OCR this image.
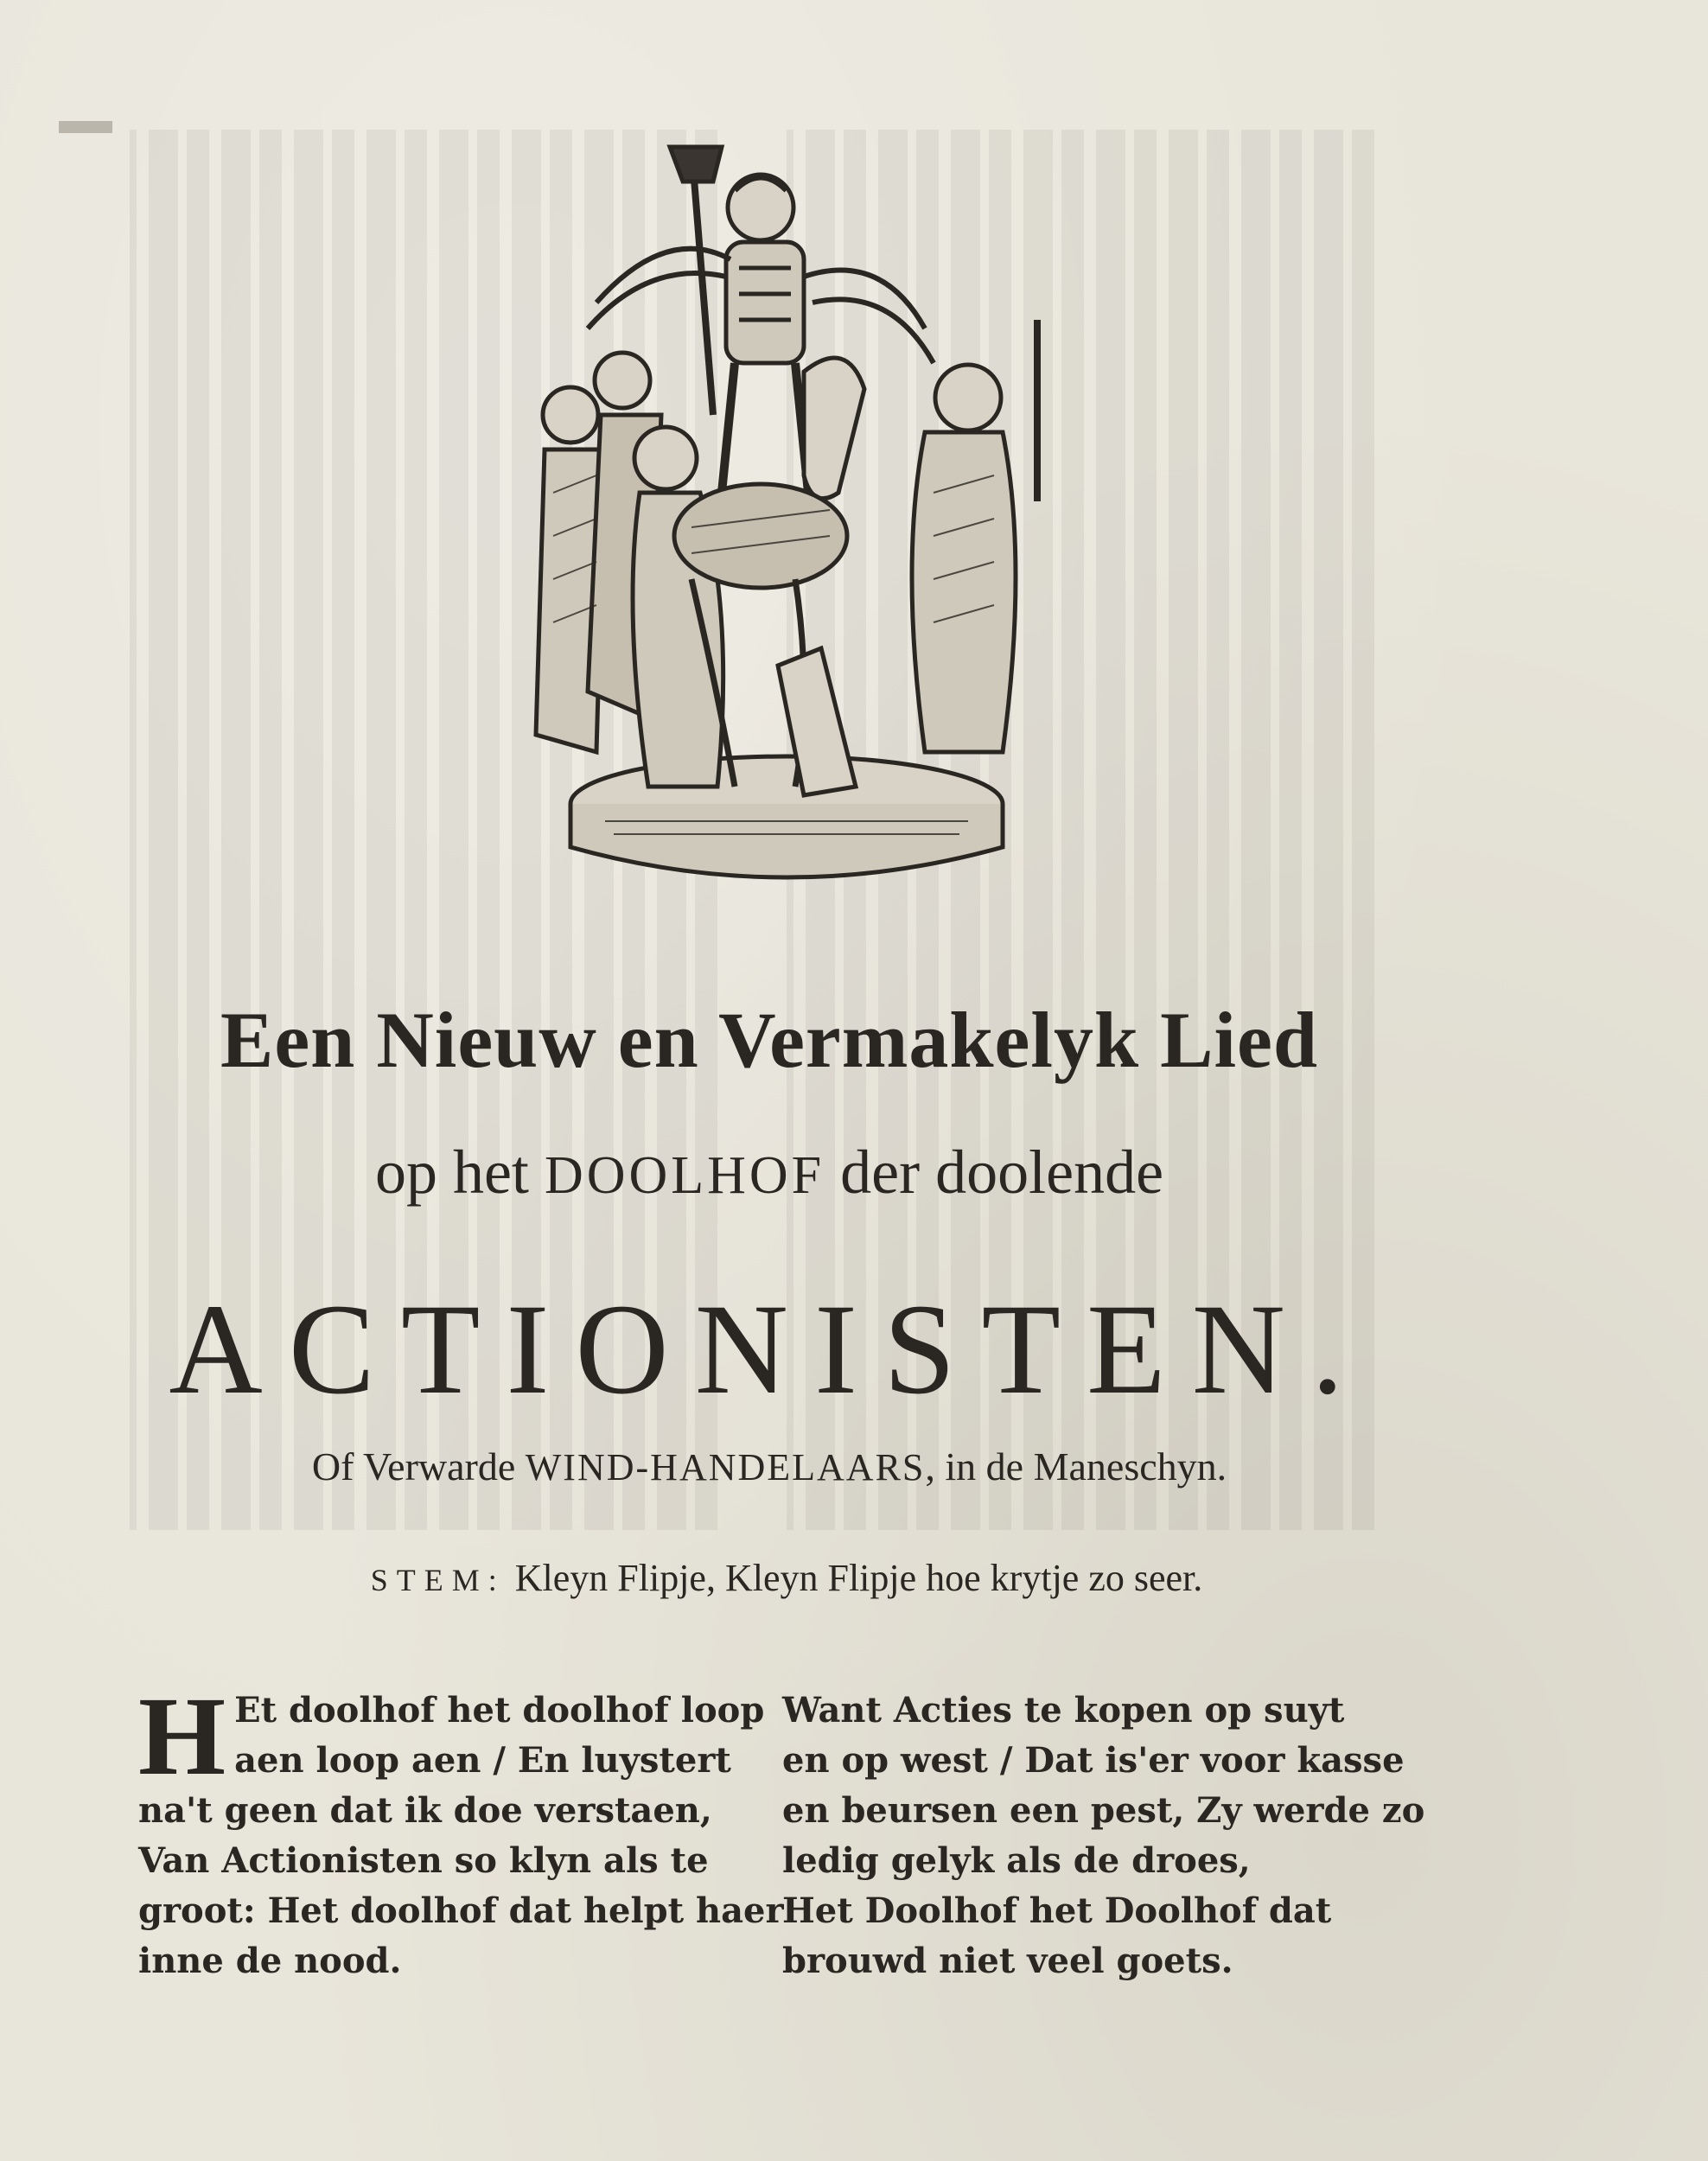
Een Nieuw en Vermakelyk Lied
op het DOOLHOF der doolende
ACTIONISTEN.
Of Verwarde WIND-HANDELAARS, in de Maneschyn.
STEM: Kleyn Flipje, Kleyn Flipje hoe krytje zo seer.
H Et doolhof het doolhof loop
aen loop aen / En luystert
na't geen dat ik doe verstaen,
Van Actionisten so klyn als te
groot: Het doolhof dat helpt haer
inne de nood.
Want Acties te kopen op suyt
en op west / Dat is'er voor kasse
en beursen een pest, Zy werde zo
ledig gelyk als de droes,
Het Doolhof het Doolhof dat
brouwd niet veel goets.
